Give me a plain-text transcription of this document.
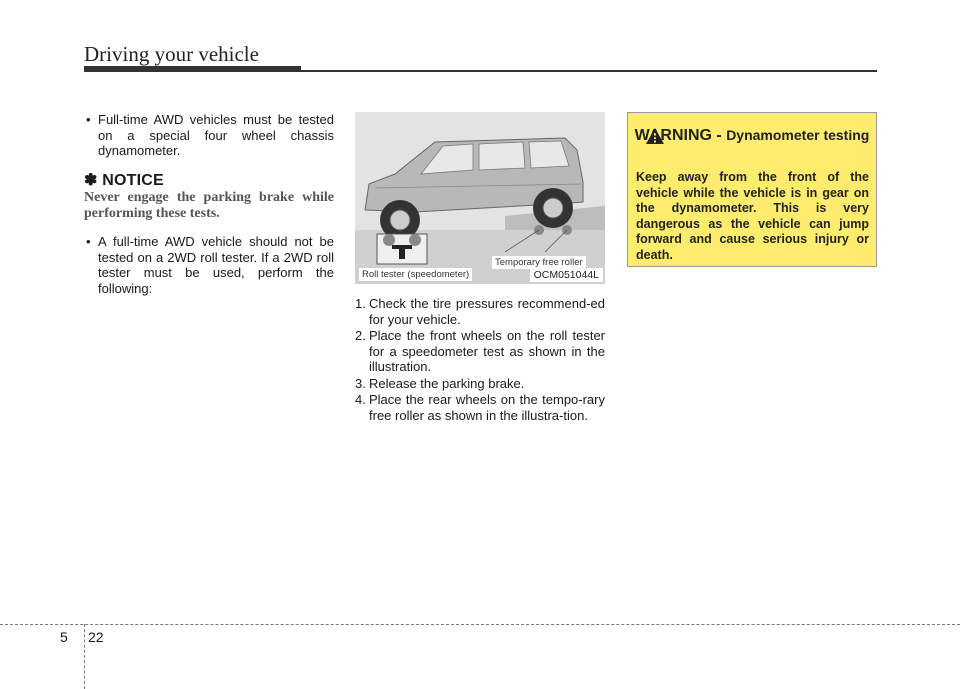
Driving your vehicle
• Full-time AWD vehicles must be tested on a special four wheel chassis dynamometer.
✽ NOTICE
Never engage the parking brake while performing these tests.
• A full-time AWD vehicle should not be tested on a 2WD roll tester. If a 2WD roll tester must be used, perform the following:
Roll tester (speedometer)
Temporary free roller
OCM051044L
1. Check the tire pressures recommend-ed for your vehicle.
2. Place the front wheels on the roll tester for a speedometer test as shown in the illustration.
3. Release the parking brake.
4. Place the rear wheels on the tempo-rary free roller as shown in the illustra-tion.
WARNING - Dynamometer testing
Keep away from the front of the vehicle while the vehicle is in gear on the dynamometer. This is very dangerous as the vehicle can jump forward and cause serious injury or death.
5 22
